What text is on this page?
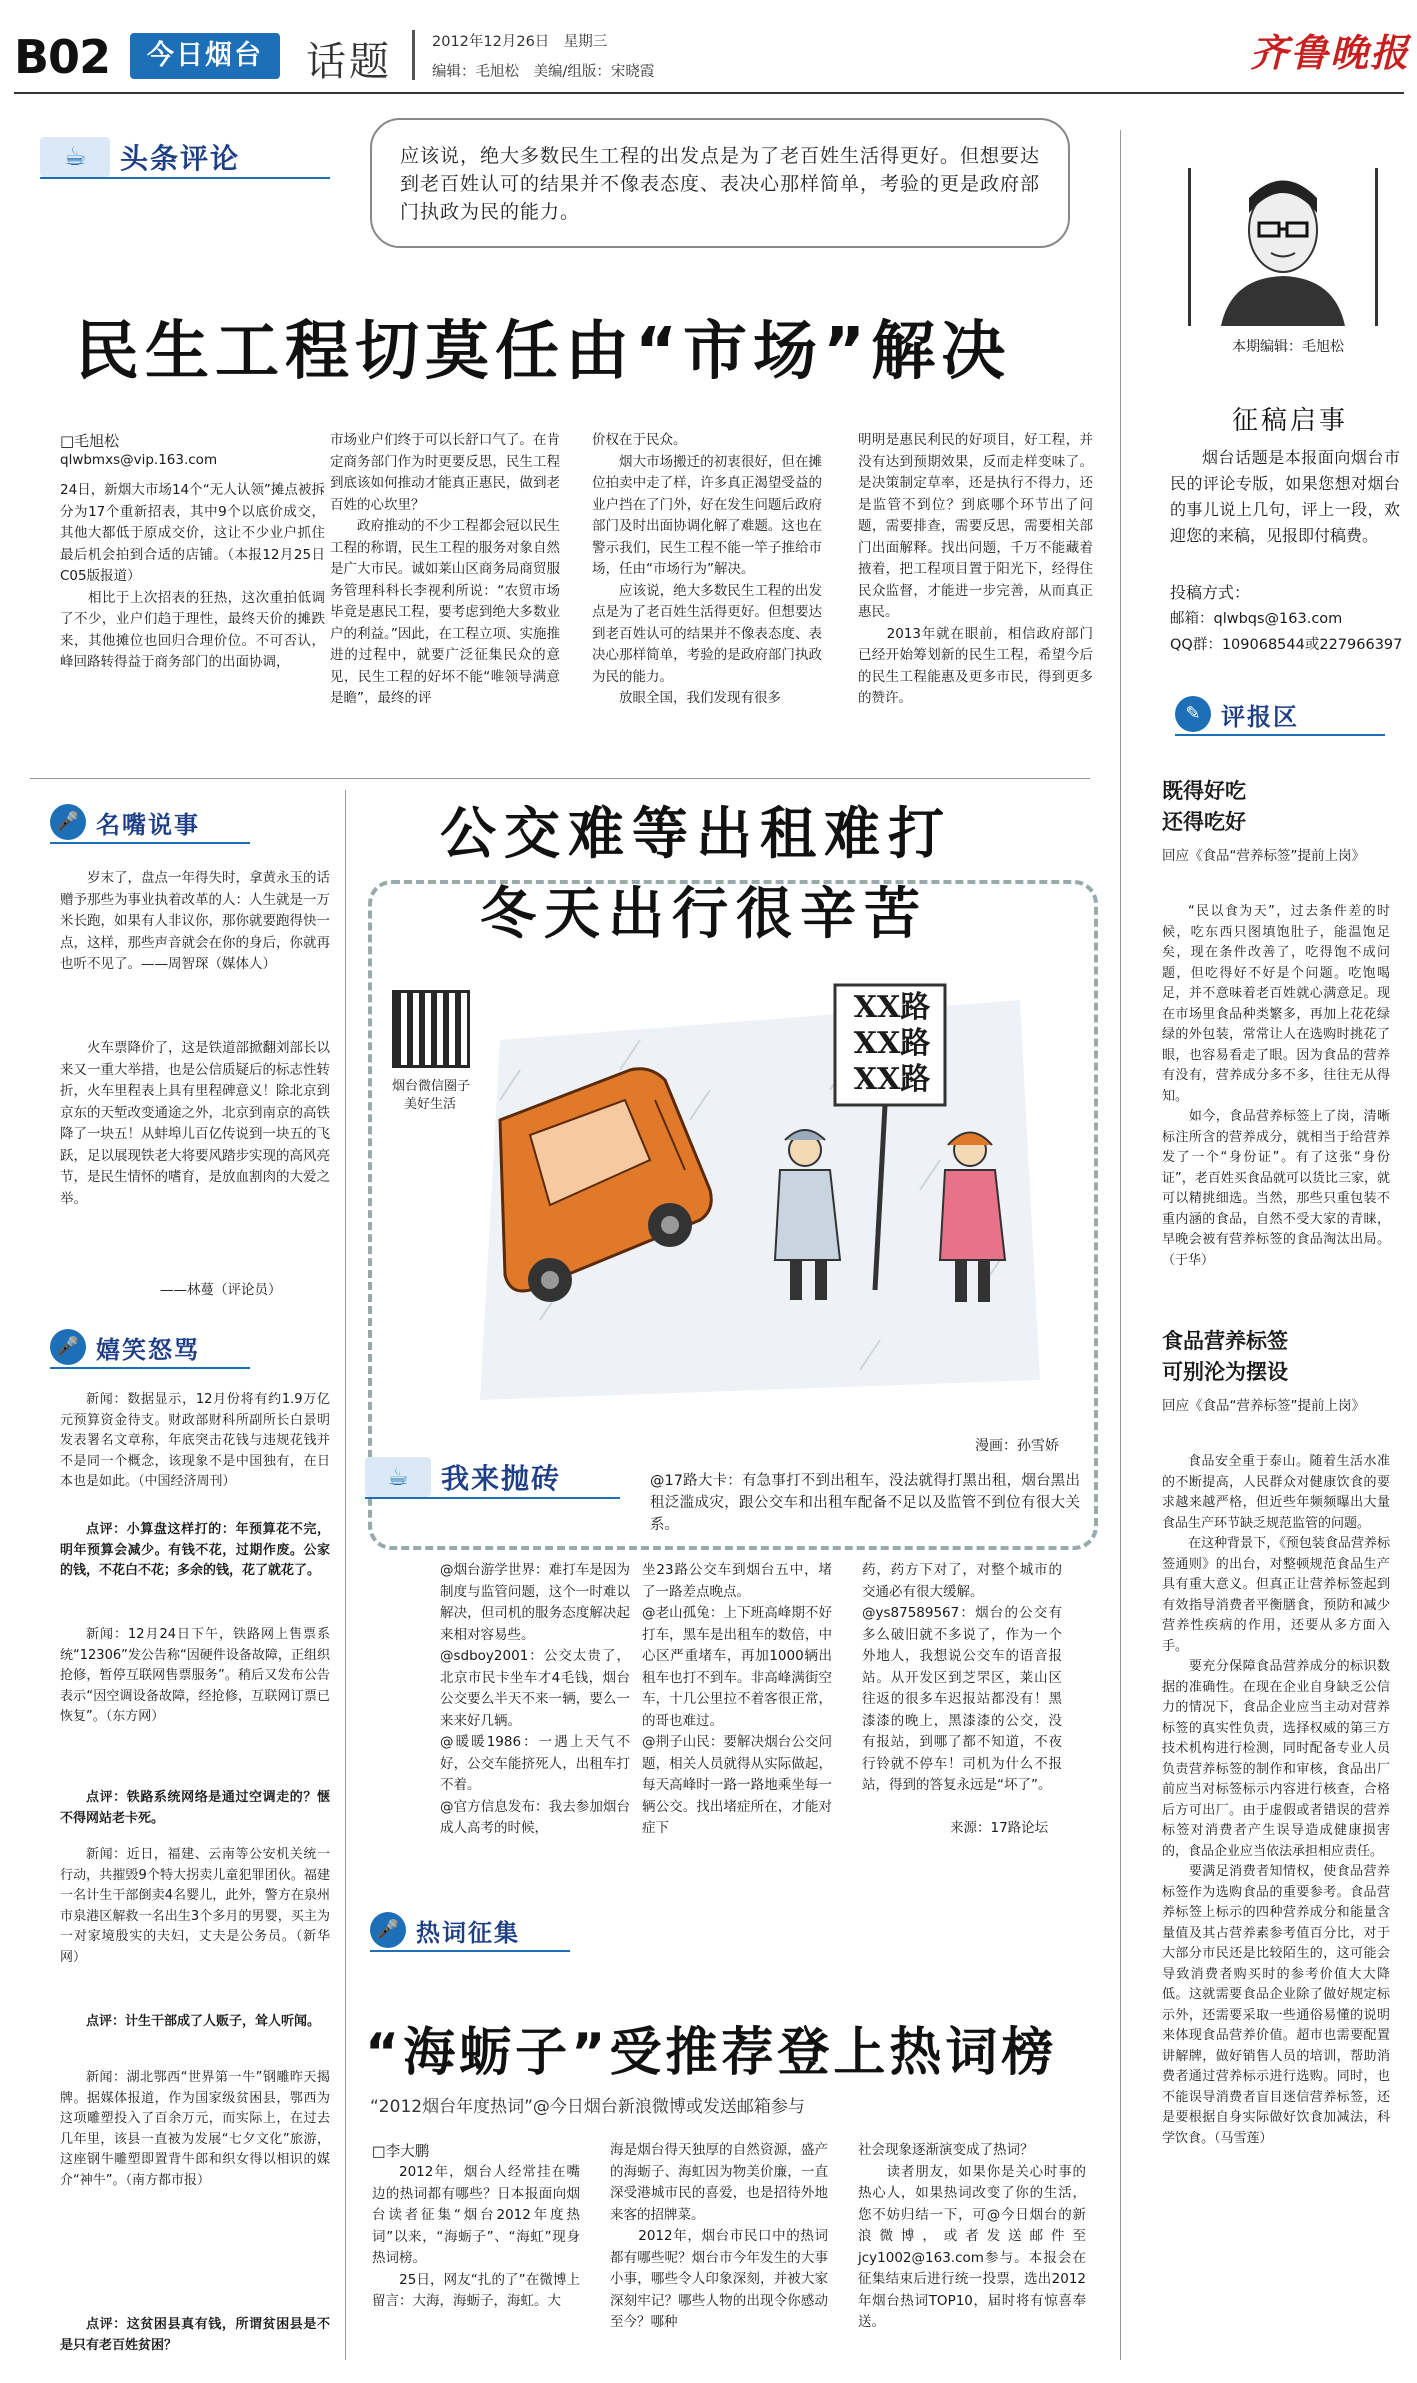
B02	今日烟台	话题	2012年12月26日　星期三
编辑：毛旭松　美编/组版：宋晓霞	齐鲁晚报
☕	头条评论	应该说，绝大多数民生工程的出发点是为了老百姓生活得更好。但想要达到老百姓认可的结果并不像表态度、表决心那样简单，考验的更是政府部门执政为民的能力。

民生工程切莫任由“市场”解决
□毛旭松
qlwbmxs@vip.163.com

24日，新烟大市场14个“无人认领”摊点被拆分为17个重新招表，其中9个以底价成交，其他大都低于原成交价，这让不少业户抓住最后机会拍到合适的店铺。（本报12月25日C05版报道）
　　相比于上次招表的狂热，这次重拍低调了不少，业户们趋于理性，最终天价的摊跌来，其他摊位也回归合理价位。不可否认，峰回路转得益于商务部门的出面协调，

市场业户们终于可以长舒口气了。在肯定商务部门作为时更要反思，民生工程到底该如何推动才能真正惠民，做到老百姓的心坎里？
　　政府推动的不少工程都会冠以民生工程的称谓，民生工程的服务对象自然是广大市民。诚如莱山区商务局商贸服务管理科科长李视利所说：“农贸市场毕竟是惠民工程，要考虑到绝大多数业户的利益。”因此，在工程立项、实施推进的过程中，就要广泛征集民众的意见，民生工程的好坏不能“唯领导满意是瞻”，最终的评

价权在于民众。
　　烟大市场搬迁的初衷很好，但在摊位拍卖中走了样，许多真正渴望受益的业户挡在了门外，好在发生问题后政府部门及时出面协调化解了难题。这也在警示我们，民生工程不能一竿子推给市场，任由“市场行为”解决。
　　应该说，绝大多数民生工程的出发点是为了老百姓生活得更好。但想要达到老百姓认可的结果并不像表态度、表决心那样简单，考验的是政府部门执政为民的能力。
　　放眼全国，我们发现有很多

明明是惠民利民的好项目，好工程，并没有达到预期效果，反而走样变味了。是决策制定草率，还是执行不得力，还是监管不到位？到底哪个环节出了问题，需要排查，需要反思，需要相关部门出面解释。找出问题，千万不能藏着掖着，把工程项目置于阳光下，经得住民众监督，才能进一步完善，从而真正惠民。
　　2013年就在眼前，相信政府部门已经开始筹划新的民生工程，希望今后的民生工程能惠及更多市民，得到更多的赞许。

本期编辑：毛旭松
征稿启事

烟台话题是本报面向烟台市民的评论专版，如果您想对烟台的事儿说上几句，评上一段，欢迎您的来稿，见报即付稿费。

投稿方式：
邮箱：qlwbqs@163.com
QQ群：109068544或227966397
✎ 评报区
既得好吃
还得吃好
回应《食品“营养标签”提前上岗》

“民以食为天”，过去条件差的时候，吃东西只图填饱肚子，能温饱足矣，现在条件改善了，吃得饱不成问题，但吃得好不好是个问题。吃饱喝足，并不意味着老百姓就心满意足。现在市场里食品种类繁多，再加上花花绿绿的外包装，常常让人在选购时挑花了眼，也容易看走了眼。因为食品的营养有没有，营养成分多不多，往往无从得知。
　　如今，食品营养标签上了岗，清晰标注所含的营养成分，就相当于给营养发了一个“身份证”。有了这张“身份证”，老百姓买食品就可以货比三家，就可以精挑细选。当然，那些只重包装不重内涵的食品，自然不受大家的青睐，早晚会被有营养标签的食品淘汰出局。（于华）

食品营养标签
可别沦为摆设
回应《食品“营养标签”提前上岗》

食品安全重于泰山。随着生活水准的不断提高，人民群众对健康饮食的要求越来越严格，但近些年频频曝出大量食品生产环节缺乏规范监管的问题。
　　在这种背景下，《预包装食品营养标签通则》的出台，对整顿规范食品生产具有重大意义。但真正让营养标签起到有效指导消费者平衡膳食，预防和减少营养性疾病的作用，还要从多方面入手。
　　要充分保障食品营养成分的标识数据的准确性。在现在企业自身缺乏公信力的情况下，食品企业应当主动对营养标签的真实性负责，选择权威的第三方技术机构进行检测，同时配备专业人员负责营养标签的制作和审核，食品出厂前应当对标签标示内容进行核查，合格后方可出厂。由于虚假或者错误的营养标签对消费者产生误导造成健康损害的，食品企业应当依法承担相应责任。
　　要满足消费者知情权，使食品营养标签作为选购食品的重要参考。食品营养标签上标示的四种营养成分和能量含量值及其占营养素参考值百分比，对于大部分市民还是比较陌生的，这可能会导致消费者购买时的参考价值大大降低。这就需要食品企业除了做好规定标示外，还需要采取一些通俗易懂的说明来体现食品营养价值。超市也需要配置讲解牌，做好销售人员的培训，帮助消费者通过营养标示进行选购。同时，也不能误导消费者盲目迷信营养标签，还是要根据自身实际做好饮食加减法，科学饮食。（马雪莲）

🎤 名嘴说事

岁末了，盘点一年得失时，拿黄永玉的话赠予那些为事业执着改革的人：人生就是一万米长跑，如果有人非议你，那你就要跑得快一点，这样，那些声音就会在你的身后，你就再也听不见了。——周智琛（媒体人）

火车票降价了，这是铁道部掀翻刘部长以来又一重大举措，也是公信质疑后的标志性转折，火车里程表上具有里程碑意义！除北京到京东的天堑改变通途之外，北京到南京的高铁降了一块五！从蚌埠儿百亿传说到一块五的飞跃，足以展现铁老大将要风踏步实现的高风亮节，是民生情怀的嗜育，是放血割肉的大爱之举。

——林蔓（评论员）
🎤 嬉笑怒骂

新闻：数据显示，12月份将有约1.9万亿元预算资金待支。财政部财科所副所长白景明发表署名文章称，年底突击花钱与违规花钱并不是同一个概念，该现象不是中国独有，在日本也是如此。（中国经济周刊）

点评：小算盘这样打的：年预算花不完，明年预算会减少。有钱不花，过期作废。公家的钱，不花白不花；多余的钱，花了就花了。

新闻：12月24日下午，铁路网上售票系统“12306”发公告称“因硬件设备故障，正组织抢修，暂停互联网售票服务”。稍后又发布公告表示“因空调设备故障，经抢修，互联网订票已恢复”。（东方网）

点评：铁路系统网络是通过空调走的？惬不得网站老卡死。

新闻：近日，福建、云南等公安机关统一行动，共摧毁9个特大拐卖儿童犯罪团伙。福建一名计生干部倒卖4名婴儿，此外，警方在泉州市泉港区解救一名出生3个多月的男婴，买主为一对家境殷实的夫妇，丈夫是公务员。（新华网）

点评：计生干部成了人贩子，耸人听闻。

新闻：湖北鄂西“世界第一牛”钢雕昨天揭牌。据媒体报道，作为国家级贫困县，鄂西为这项雕塑投入了百余万元，而实际上，在过去几年里，该县一直被为发展“七夕文化”旅游，这座钢牛雕塑即置背牛郎和织女得以相识的媒介“神牛”。（南方都市报）

点评：这贫困县真有钱，所谓贫困县是不是只有老百姓贫困？

公交难等出租难打
冬天出行很辛苦
烟台微信圈子
美好生活
XX路
XX路
XX路
漫画：孙雪娇
☕	我来抛砖	@17路大卡：有急事打不到出租车，没法就得打黑出租，烟台黑出租泛滥成灾，跟公交车和出租车配备不足以及监管不到位有很大关系。

@烟台游学世界：难打车是因为制度与监管问题，这个一时难以解决，但司机的服务态度解决起来相对容易些。
@sdboy2001：公交太贵了，北京市民卡坐车才4毛钱，烟台公交要么半天不来一辆，要么一来来好几辆。
@暖暖1986：一遇上天气不好，公交车能挤死人，出租车打不着。
@官方信息发布：我去参加烟台成人高考的时候，

坐23路公交车到烟台五中，堵了一路差点晚点。
@老山孤兔：上下班高峰期不好打车，黑车是出租车的数倍，中心区严重堵车，再加1000辆出租车也打不到车。非高峰满街空车，十几公里拉不着客很正常，的哥也难过。
@荆子山民：要解决烟台公交问题，相关人员就得从实际做起，每天高峰时一路一路地乘坐每一辆公交。找出堵症所在，才能对症下

药，药方下对了，对整个城市的交通必有很大缓解。
@ys87589567：烟台的公交有多么破旧就不多说了，作为一个外地人，我想说公交车的语音报站。从开发区到芝罘区，莱山区往返的很多车迟报站都没有！黑漆漆的晚上，黑漆漆的公交，没有报站，到哪了都不知道，不夜行铃就不停车！司机为什么不报站，得到的答复永远是“坏了”。

来源：17路论坛
🎤 热词征集
“海蛎子”受推荐登上热词榜
“2012烟台年度热词”@今日烟台新浪微博或发送邮箱参与
□李大鹏

2012年，烟台人经常挂在嘴边的热词都有哪些？日本报面向烟台读者征集“烟台2012年度热词”以来，“海蛎子”、“海虹”现身热词榜。
　　25日，网友“扎的了”在微博上留言：大海，海蛎子，海虹。大

海是烟台得天独厚的自然资源，盛产的海蛎子、海虹因为物美价廉，一直深受港城市民的喜爱，也是招待外地来客的招牌菜。
　　2012年，烟台市民口中的热词都有哪些呢？烟台市今年发生的大事小事，哪些令人印象深刻，并被大家深刻牢记？哪些人物的出现令你感动至今？哪种

社会现象逐渐演变成了热词？
　　读者朋友，如果你是关心时事的热心人，如果热词改变了你的生活，您不妨归结一下，可@今日烟台的新浪微博，或者发送邮件至jcy1002@163.com参与。本报会在征集结束后进行统一投票，选出2012年烟台热词TOP10，届时将有惊喜奉送。
